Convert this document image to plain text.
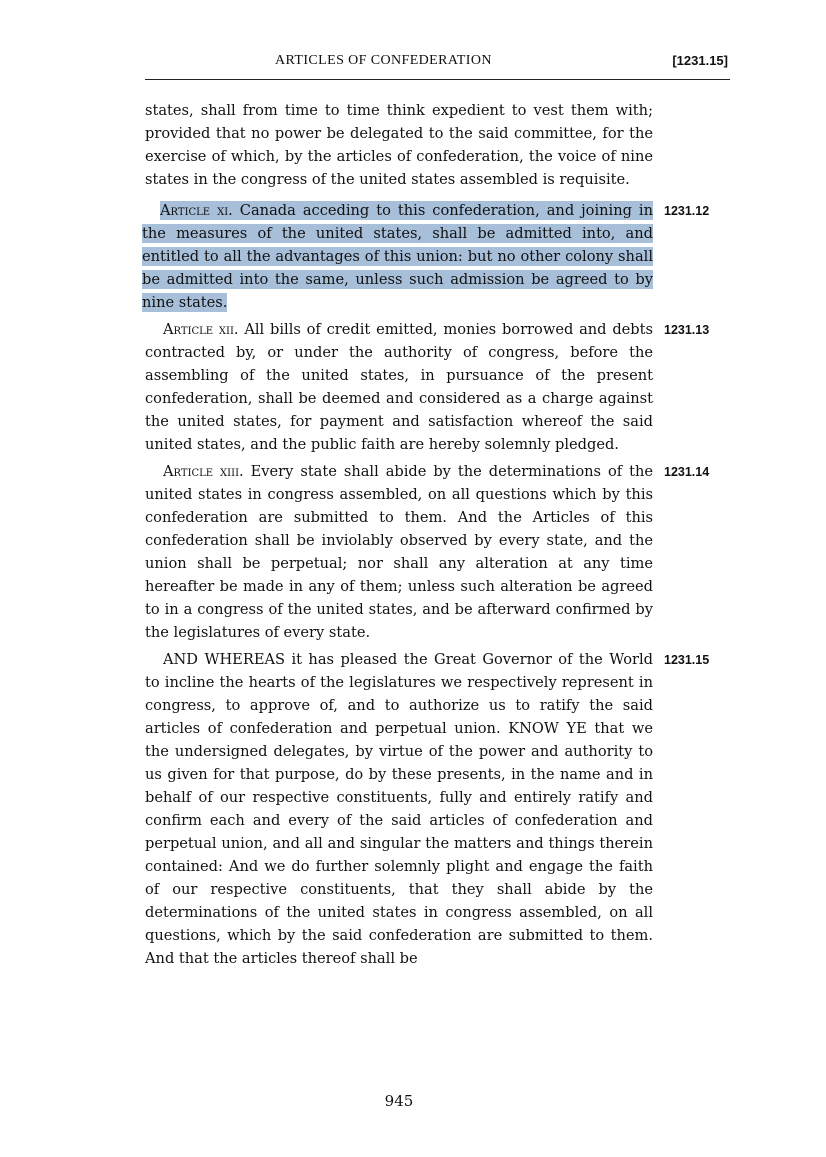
ARTICLES OF CONFEDERATION	[1231.15]

states, shall from time to time think expedient to vest them with; provided that no power be delegated to the said committee, for the exercise of which, by the articles of confederation, the voice of nine states in the congress of the united states assembled is requisite.

Article xi. Canada acceding to this confederation, and joining in the measures of the united states, shall be admitted into, and entitled to all the advantages of this union: but no other colony shall be admitted into the same, unless such admission be agreed to by nine states.
1231.12

Article xii. All bills of credit emitted, monies borrowed and debts contracted by, or under the authority of congress, before the assembling of the united states, in pursuance of the present confederation, shall be deemed and considered as a charge against the united states, for payment and satisfaction whereof the said united states, and the public faith are hereby solemnly pledged.
1231.13

Article xiii. Every state shall abide by the determinations of the united states in congress assembled, on all questions which by this confederation are submitted to them. And the Articles of this confederation shall be inviolably observed by every state, and the union shall be perpetual; nor shall any alteration at any time hereafter be made in any of them; unless such alteration be agreed to in a congress of the united states, and be afterward confirmed by the legislatures of every state.
1231.14

AND WHEREAS it has pleased the Great Governor of the World to incline the hearts of the legislatures we respectively represent in congress, to approve of, and to authorize us to ratify the said articles of confederation and perpetual union. KNOW YE that we the undersigned delegates, by virtue of the power and authority to us given for that purpose, do by these presents, in the name and in behalf of our respective constituents, fully and entirely ratify and confirm each and every of the said articles of confederation and perpetual union, and all and singular the matters and things therein contained: And we do further solemnly plight and engage the faith of our respective constituents, that they shall abide by the determinations of the united states in congress assembled, on all questions, which by the said confederation are submitted to them. And that the articles thereof shall be
1231.15

945
